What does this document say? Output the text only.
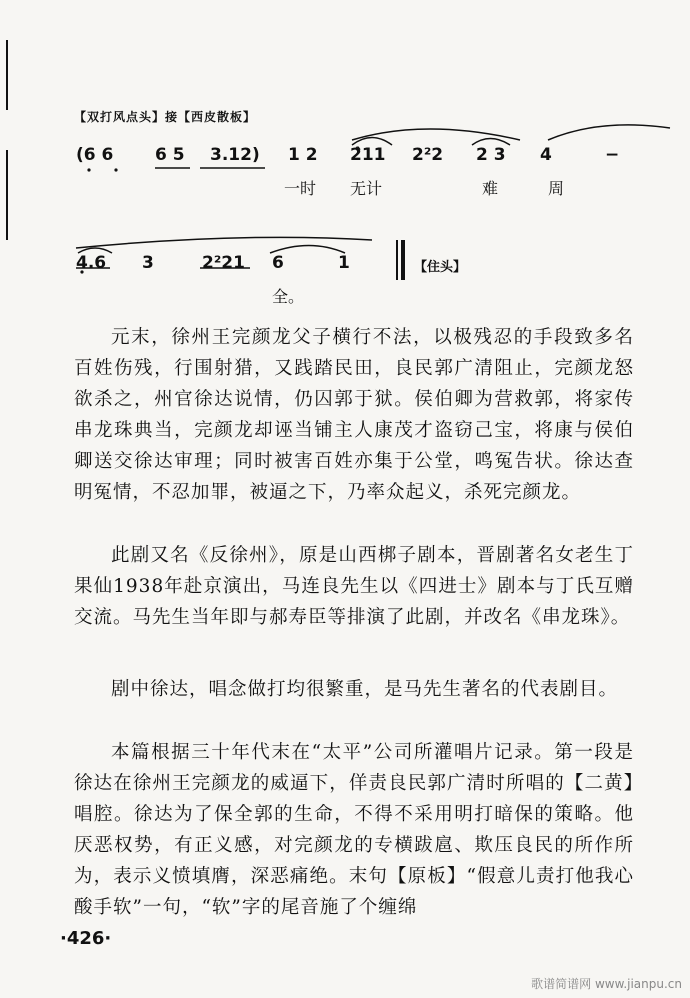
【双打风点头】接【西皮散板】
(6 6 6 5 3.12) 1 2 2̂11 2²2 2 3 4	−
一时 无计	难	周
4.6 3	2²21 6	1	【住头】
全。
元末，徐州王完颜龙父子横行不法，以极残忍的手段致多名百姓伤残，行围射猎，又践踏民田，良民郭广清阻止，完颜龙怒欲杀之，州官徐达说情，仍囚郭于狱。侯伯卿为营救郭，将家传串龙珠典当，完颜龙却诬当铺主人康茂才盗窃己宝，将康与侯伯卿送交徐达审理；同时被害百姓亦集于公堂，鸣冤告状。徐达查明冤情，不忍加罪，被逼之下，乃率众起义，杀死完颜龙。
此剧又名《反徐州》，原是山西梆子剧本，晋剧著名女老生丁果仙1938年赴京演出，马连良先生以《四进士》剧本与丁氏互赠交流。马先生当年即与郝寿臣等排演了此剧，并改名《串龙珠》。
剧中徐达，唱念做打均很繁重，是马先生著名的代表剧目。
本篇根据三十年代末在“太平”公司所灌唱片记录。第一段是徐达在徐州王完颜龙的威逼下，佯责良民郭广清时所唱的【二黄】唱腔。徐达为了保全郭的生命，不得不采用明打暗保的策略。他厌恶权势，有正义感，对完颜龙的专横跋扈、欺压良民的所作所为，表示义愤填膺，深恶痛绝。末句【原板】“假意儿责打他我心酸手软”一句，“软”字的尾音施了个缠绵
·426·
歌谱简谱网 www.jianpu.cn
